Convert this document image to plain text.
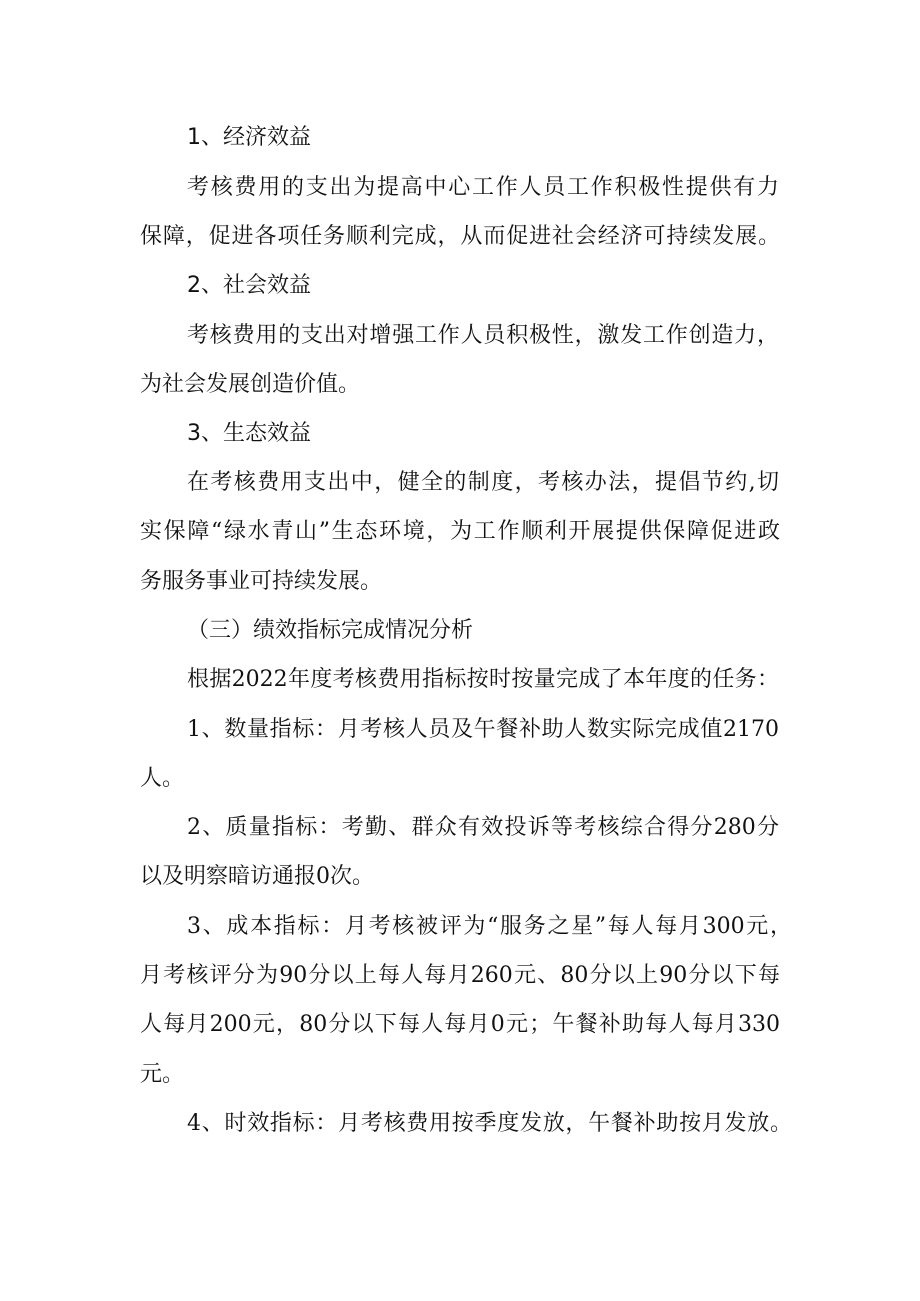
1、经济效益
考核费用的支出为提高中心工作人员工作积极性提供有力
保障，促进各项任务顺利完成，从而促进社会经济可持续发展。
2、社会效益
考核费用的支出对增强工作人员积极性，激发工作创造力，
为社会发展创造价值。
3、生态效益
在考核费用支出中，健全的制度，考核办法，提倡节约,切
实保障“绿水青山”生态环境，为工作顺利开展提供保障促进政
务服务事业可持续发展。
（三）绩效指标完成情况分析
根据2022年度考核费用指标按时按量完成了本年度的任务：
1、数量指标：月考核人员及午餐补助人数实际完成值2170
人。
2、质量指标：考勤、群众有效投诉等考核综合得分280分
以及明察暗访通报0次。
3、成本指标：月考核被评为“服务之星”每人每月300元，
月考核评分为90分以上每人每月260元、80分以上90分以下每
人每月200元，80分以下每人每月0元；午餐补助每人每月330
元。
4、时效指标：月考核费用按季度发放，午餐补助按月发放。
